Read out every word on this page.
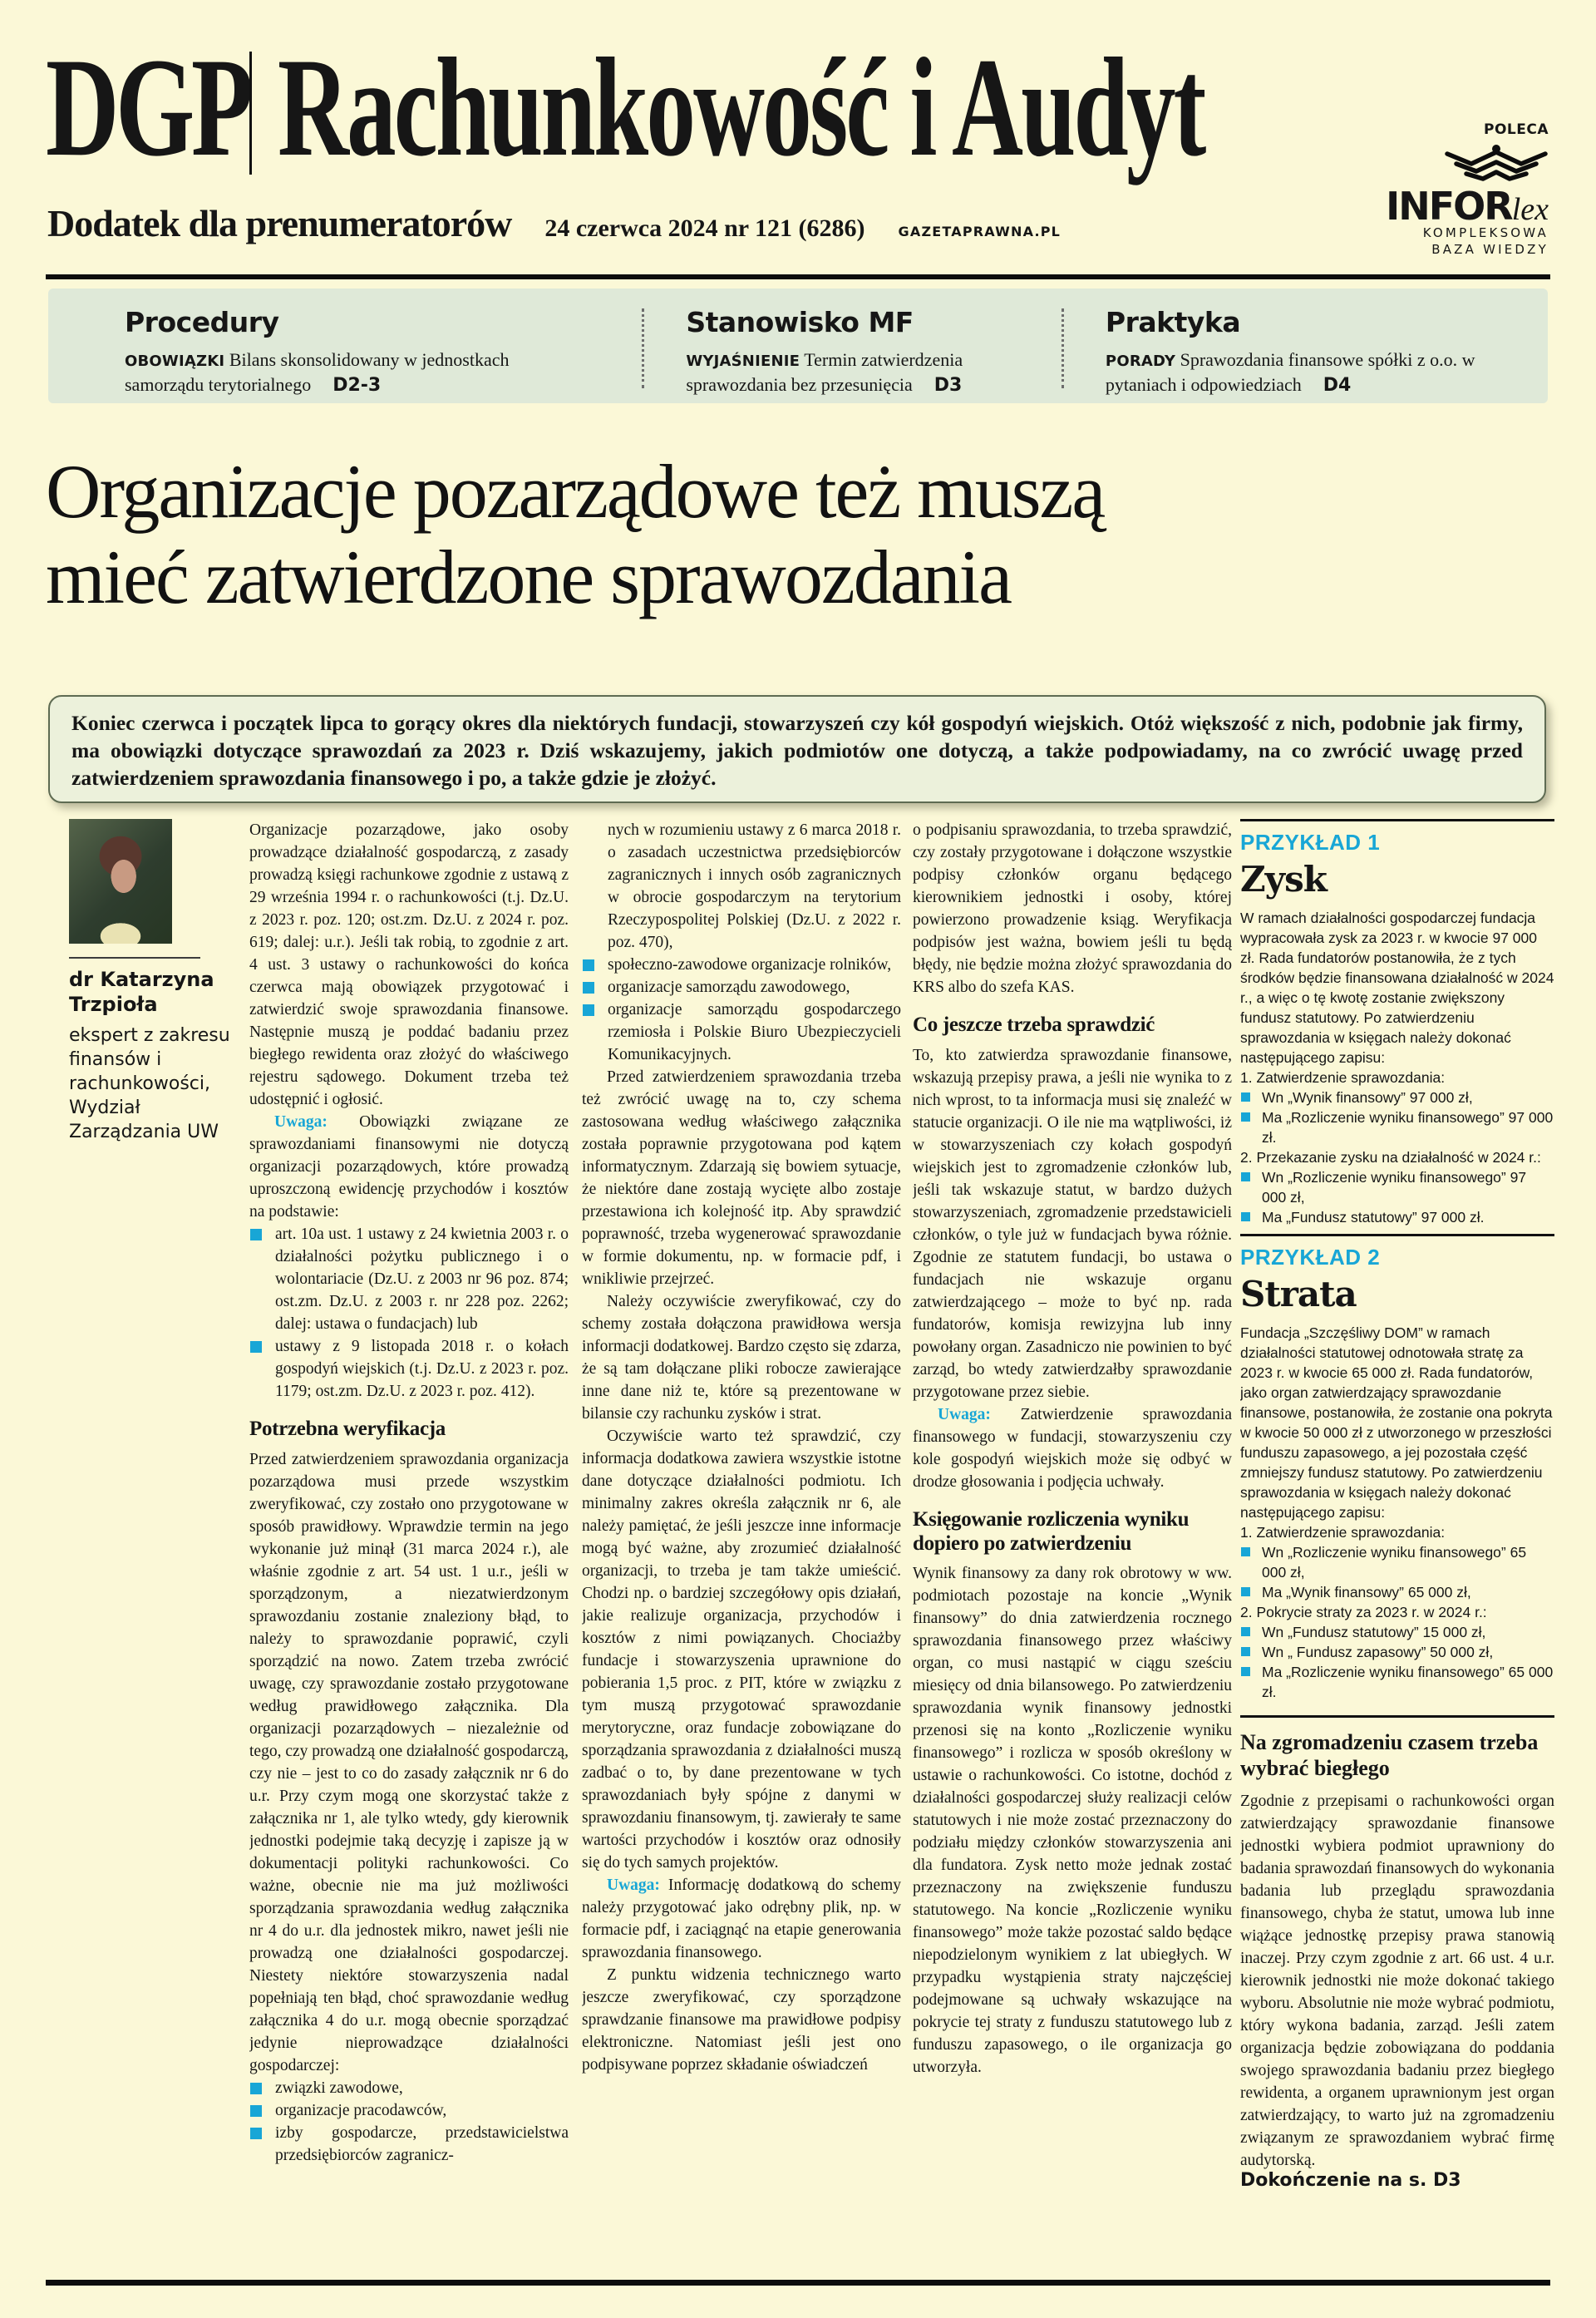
DGP Rachunkowość i Audyt	POLECA
INFORlex
KOMPLEKSOWA
BAZA WIEDZY
Dodatek dla prenumeratorów 24 czerwca 2024 nr 121 (6286)	GAZETAPRAWNA.PL
Procedury
OBOWIĄZKI Bilans skonsolidowany w jednostkach samorządu terytorialnego D2-3
Stanowisko MF
WYJAŚNIENIE Termin zatwierdzenia sprawozdania bez przesunięcia D3
Praktyka
PORADY Sprawozdania finansowe spółki z o.o. w pytaniach i odpowiedziach D4
Organizacje pozarządowe też muszą
mieć zatwierdzone sprawozdania

Koniec czerwca i początek lipca to gorący okres dla niektórych fundacji, stowarzyszeń czy kół gospodyń wiejskich. Otóż większość z nich, podobnie jak firmy, ma obowiązki dotyczące sprawozdań za 2023 r. Dziś wskazujemy, jakich podmiotów one dotyczą, a także podpowiadamy, na co zwrócić uwagę przed zatwierdzeniem sprawozdania finansowego i po, a także gdzie je złożyć.

dr Katarzyna Trzpioła

ekspert z zakresu finansów i rachunkowości, Wydział Zarządzania UW

Organizacje pozarządowe, jako osoby prowadzące działalność gospodarczą, z zasady prowadzą księgi rachunkowe zgodnie z ustawą z 29 września 1994 r. o rachunkowości (t.j. Dz.U. z 2023 r. poz. 120; ost.zm. Dz.U. z 2024 r. poz. 619; dalej: u.r.). Jeśli tak robią, to zgodnie z art. 4 ust. 3 ustawy o rachunkowości do końca czerwca mają obowiązek przygotować i zatwierdzić swoje sprawozdania finansowe. Następnie muszą je poddać badaniu przez biegłego rewidenta oraz złożyć do właściwego rejestru sądowego. Dokument trzeba też udostępnić i ogłosić.

Uwaga: Obowiązki związane ze sprawozdaniami finansowymi nie dotyczą organizacji pozarządowych, które prowadzą uproszczoną ewidencję przychodów i kosztów na podstawie:

art. 10a ust. 1 ustawy z 24 kwietnia 2003 r. o działalności pożytku publicznego i o wolontariacie (Dz.U. z 2003 nr 96 poz. 874; ost.zm. Dz.U. z 2003 r. nr 228 poz. 2262; dalej: ustawa o fundacjach) lub
ustawy z 9 listopada 2018 r. o kołach gospodyń wiejskich (t.j. Dz.U. z 2023 r. poz. 1179; ost.zm. Dz.U. z 2023 r. poz. 412).
Potrzebna weryfikacja

Przed zatwierdzeniem sprawozdania organizacja pozarządowa musi przede wszystkim zweryfikować, czy zostało ono przygotowane w sposób prawidłowy. Wprawdzie termin na jego wykonanie już minął (31 marca 2024 r.), ale właśnie zgodnie z art. 54 ust. 1 u.r., jeśli w sporządzonym, a niezatwierdzonym sprawozdaniu zostanie znaleziony błąd, to należy to sprawozdanie poprawić, czyli sporządzić na nowo. Zatem trzeba zwrócić uwagę, czy sprawozdanie zostało przygotowane według prawidłowego załącznika. Dla organizacji pozarządowych – niezależnie od tego, czy prowadzą one działalność gospodarczą, czy nie – jest to co do zasady załącznik nr 6 do u.r. Przy czym mogą one skorzystać także z załącznika nr 1, ale tylko wtedy, gdy kierownik jednostki podejmie taką decyzję i zapisze ją w dokumentacji polityki rachunkowości. Co ważne, obecnie nie ma już możliwości sporządzania sprawozdania według załącznika nr 4 do u.r. dla jednostek mikro, nawet jeśli nie prowadzą one działalności gospodarczej. Niestety niektóre stowarzyszenia nadal popełniają ten błąd, choć sprawozdanie według załącznika 4 do u.r. mogą obecnie sporządzać jedynie nieprowadzące działalności gospodarczej:

związki zawodowe,
organizacje pracodawców,
izby gospodarcze, przedstawicielstwa przedsiębiorców zagranicz-
nych w rozumieniu ustawy z 6 marca 2018 r. o zasadach uczestnictwa przedsiębiorców zagranicznych i innych osób zagranicznych w obrocie gospodarczym na terytorium Rzeczypospolitej Polskiej (Dz.U. z 2022 r. poz. 470),
społeczno-zawodowe organizacje rolników,
organizacje samorządu zawodowego,
organizacje samorządu gospodarczego rzemiosła i Polskie Biuro Ubezpieczycieli Komunikacyjnych.

Przed zatwierdzeniem sprawozdania trzeba też zwrócić uwagę na to, czy schema zastosowana według właściwego załącznika została poprawnie przygotowana pod kątem informatycznym. Zdarzają się bowiem sytuacje, że niektóre dane zostają wycięte albo zostaje przestawiona ich kolejność itp. Aby sprawdzić poprawność, trzeba wygenerować sprawozdanie w formie dokumentu, np. w formacie pdf, i wnikliwie przejrzeć.

Należy oczywiście zweryfikować, czy do schemy została dołączona prawidłowa wersja informacji dodatkowej. Bardzo często się zdarza, że są tam dołączane pliki robocze zawierające inne dane niż te, które są prezentowane w bilansie czy rachunku zysków i strat.

Oczywiście warto też sprawdzić, czy informacja dodatkowa zawiera wszystkie istotne dane dotyczące działalności podmiotu. Ich minimalny zakres określa załącznik nr 6, ale należy pamiętać, że jeśli jeszcze inne informacje mogą być ważne, aby zrozumieć działalność organizacji, to trzeba je tam także umieścić. Chodzi np. o bardziej szczegółowy opis działań, jakie realizuje organizacja, przychodów i kosztów z nimi powiązanych. Chociażby fundacje i stowarzyszenia uprawnione do pobierania 1,5 proc. z PIT, które w związku z tym muszą przygotować sprawozdanie merytoryczne, oraz fundacje zobowiązane do sporządzania sprawozdania z działalności muszą zadbać o to, by dane prezentowane w tych sprawozdaniach były spójne z danymi w sprawozdaniu finansowym, tj. zawierały te same wartości przychodów i kosztów oraz odnosiły się do tych samych projektów.

Uwaga: Informację dodatkową do schemy należy przygotować jako odrębny plik, np. w formacie pdf, i zaciągnąć na etapie generowania sprawozdania finansowego.

Z punktu widzenia technicznego warto jeszcze zweryfikować, czy sporządzone sprawdzanie finansowe ma prawidłowe podpisy elektroniczne. Natomiast jeśli jest ono podpisywane poprzez składanie oświadczeń

o podpisaniu sprawozdania, to trzeba sprawdzić, czy zostały przygotowane i dołączone wszystkie podpisy członków organu będącego kierownikiem jednostki i osoby, której powierzono prowadzenie ksiąg. Weryfikacja podpisów jest ważna, bowiem jeśli tu będą błędy, nie będzie można złożyć sprawozdania do KRS albo do szefa KAS.

Co jeszcze trzeba sprawdzić

To, kto zatwierdza sprawozdanie finansowe, wskazują przepisy prawa, a jeśli nie wynika to z nich wprost, to ta informacja musi się znaleźć w statucie organizacji. O ile nie ma wątpliwości, iż w stowarzyszeniach czy kołach gospodyń wiejskich jest to zgromadzenie członków lub, jeśli tak wskazuje statut, w bardzo dużych stowarzyszeniach, zgromadzenie przedstawicieli członków, o tyle już w fundacjach bywa różnie. Zgodnie ze statutem fundacji, bo ustawa o fundacjach nie wskazuje organu zatwierdzającego – może to być np. rada fundatorów, komisja rewizyjna lub inny powołany organ. Zasadniczo nie powinien to być zarząd, bo wtedy zatwierdzałby sprawozdanie przygotowane przez siebie.

Uwaga: Zatwierdzenie sprawozdania finansowego w fundacji, stowarzyszeniu czy kole gospodyń wiejskich może się odbyć w drodze głosowania i podjęcia uchwały.

Księgowanie rozliczenia wyniku dopiero po zatwierdzeniu

Wynik finansowy za dany rok obrotowy w ww. podmiotach pozostaje na koncie „Wynik finansowy” do dnia zatwierdzenia rocznego sprawozdania finansowego przez właściwy organ, co musi nastąpić w ciągu sześciu miesięcy od dnia bilansowego. Po zatwierdzeniu sprawozdania wynik finansowy jednostki przenosi się na konto „Rozliczenie wyniku finansowego” i rozlicza w sposób określony w ustawie o rachunkowości. Co istotne, dochód z działalności gospodarczej służy realizacji celów statutowych i nie może zostać przeznaczony do podziału między członków stowarzyszenia ani dla fundatora. Zysk netto może jednak zostać przeznaczony na zwiększenie funduszu statutowego. Na koncie „Rozliczenie wyniku finansowego” może także pozostać saldo będące niepodzielonym wynikiem z lat ubiegłych. W przypadku wystąpienia straty najczęściej podejmowane są uchwały wskazujące na pokrycie tej straty z funduszu statutowego lub z funduszu zapasowego, o ile organizacja go utworzyła.

PRZYKŁAD 1
Zysk

W ramach działalności gospodarczej fundacja wypracowała zysk za 2023 r. w kwocie 97 000 zł. Rada fundatorów postanowiła, że z tych środków będzie finansowana działalność w 2024 r., a więc o tę kwotę zostanie zwiększony fundusz statutowy. Po zatwierdzeniu sprawozdania w księgach należy dokonać następującego zapisu:

1. Zatwierdzenie sprawozdania:

Wn „Wynik finansowy” 97 000 zł,
Ma „Rozliczenie wyniku finansowego” 97 000 zł.

2. Przekazanie zysku na działalność w 2024 r.:

Wn „Rozliczenie wyniku finansowego” 97 000 zł,
Ma „Fundusz statutowy” 97 000 zł.
PRZYKŁAD 2
Strata

Fundacja „Szczęśliwy DOM” w ramach działalności statutowej odnotowała stratę za 2023 r. w kwocie 65 000 zł. Rada fundatorów, jako organ zatwierdzający sprawozdanie finansowe, postanowiła, że zostanie ona pokryta w kwocie 50 000 zł z utworzonego w przeszłości funduszu zapasowego, a jej pozostała część zmniejszy fundusz statutowy. Po zatwierdzeniu sprawozdania w księgach należy dokonać następującego zapisu:

1. Zatwierdzenie sprawozdania:

Wn „Rozliczenie wyniku finansowego” 65 000 zł,
Ma „Wynik finansowy” 65 000 zł,

2. Pokrycie straty za 2023 r. w 2024 r.:

Wn „Fundusz statutowy” 15 000 zł,
Wn „ Fundusz zapasowy” 50 000 zł,
Ma „Rozliczenie wyniku finansowego” 65 000 zł.
Na zgromadzeniu czasem trzeba wybrać biegłego

Zgodnie z przepisami o rachunkowości organ zatwierdzający sprawozdanie finansowe jednostki wybiera podmiot uprawniony do badania sprawozdań finansowych do wykonania badania lub przeglądu sprawozdania finansowego, chyba że statut, umowa lub inne wiążące jednostkę przepisy prawa stanowią inaczej. Przy czym zgodnie z art. 66 ust. 4 u.r. kierownik jednostki nie może dokonać takiego wyboru. Absolutnie nie może wybrać podmiotu, który wykona badania, zarząd. Jeśli zatem organizacja będzie zobowiązana do poddania swojego sprawozdania badaniu przez biegłego rewidenta, a organem uprawnionym jest organ zatwierdzający, to warto już na zgromadzeniu związanym ze sprawozdaniem wybrać firmę audytorską.

Dokończenie na s. D3
